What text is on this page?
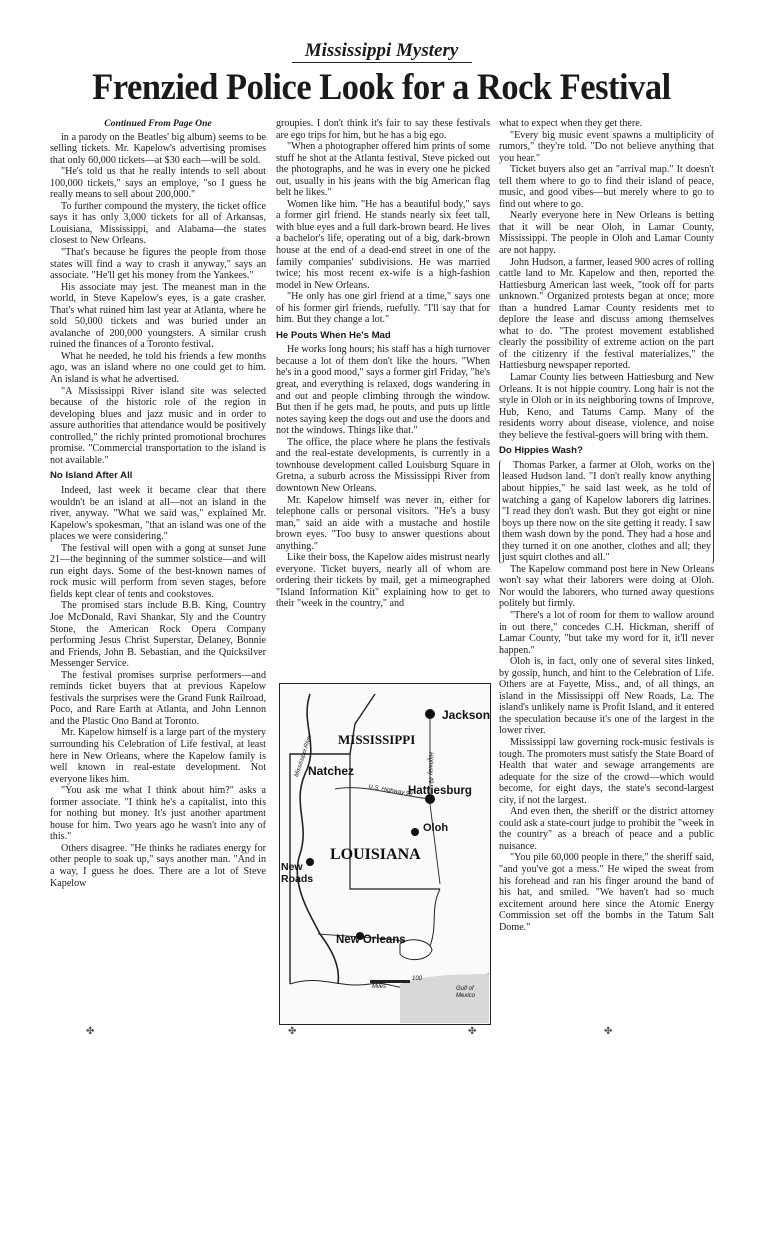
Mississippi Mystery
Frenzied Police Look for a Rock Festival

Continued From Page One

in a parody on the Beatles' big album) seems to be selling tickets. Mr. Kapelow's advertising promises that only 60,000 tickets—at $30 each—will be sold.

"He's told us that he really intends to sell about 100,000 tickets," says an employe, "so I guess he really means to sell about 200,000."

To further compound the mystery, the ticket office says it has only 3,000 tickets for all of Arkansas, Louisiana, Mississippi, and Alabama—the states closest to New Orleans.

"That's because he figures the people from those states will find a way to crash it anyway," says an associate. "He'll get his money from the Yankees."

His associate may jest. The meanest man in the world, in Steve Kapelow's eyes, is a gate crasher. That's what ruined him last year at Atlanta, where he sold 50,000 tickets and was buried under an avalanche of 200,000 youngsters. A similar crush ruined the finances of a Toronto festival.

What he needed, he told his friends a few months ago, was an island where no one could get to him. An island is what he advertised.

"A Mississippi River island site was selected because of the historic role of the region in developing blues and jazz music and in order to assure authorities that attendance would be positively controlled," the richly printed promotional brochures promise. "Commercial transportation to the island is not available."

No Island After All

Indeed, last week it became clear that there wouldn't be an island at all—not an island in the river, anyway. "What we said was," explained Mr. Kapelow's spokesman, "that an island was one of the places we were considering."

The festival will open with a gong at sunset June 21—the beginning of the summer solstice—and will run eight days. Some of the best-known names of rock music will perform from seven stages, before fields kept clear of tents and cookstoves.

The promised stars include B.B. King, Country Joe McDonald, Ravi Shankar, Sly and the Country Stone, the American Rock Opera Company performing Jesus Christ Superstar, Delaney, Bonnie and Friends, John B. Sebastian, and the Quicksilver Messenger Service.

The festival promises surprise performers—and reminds ticket buyers that at previous Kapelow festivals the surprises were the Grand Funk Railroad, Poco, and Rare Earth at Atlanta, and John Lennon and the Plastic Ono Band at Toronto.

Mr. Kapelow himself is a large part of the mystery surrounding his Celebration of Life festival, at least here in New Orleans, where the Kapelow family is well known in real-estate development. Not everyone likes him.

"You ask me what I think about him?" asks a former associate. "I think he's a capitalist, into this for nothing but money. It's just another apartment house for him. Two years ago he wasn't into any of this."

Others disagree. "He thinks he radiates energy for other people to soak up," says another man. "And in a way, I guess he does. There are a lot of Steve Kapelow

groupies. I don't think it's fair to say these festivals are ego trips for him, but he has a big ego.

"When a photographer offered him prints of some stuff he shot at the Atlanta festival, Steve picked out the photographs, and he was in every one he picked out, usually in his jeans with the big American flag belt he likes."

Women like him. "He has a beautiful body," says a former girl friend. He stands nearly six feet tall, with blue eyes and a full dark-brown beard. He lives a bachelor's life, operating out of a big, dark-brown house at the end of a dead-end street in one of the family companies' subdivisions. He was married twice; his most recent ex-wife is a high-fashion model in New Orleans.

"He only has one girl friend at a time," says one of his former girl friends, ruefully. "I'll say that for him. But they change a lot."

He Pouts When He's Mad

He works long hours; his staff has a high turnover because a lot of them don't like the hours. "When he's in a good mood," says a former girl Friday, "he's great, and everything is relaxed, dogs wandering in and out and people climbing through the window. But then if he gets mad, he pouts, and puts up little notes saying keep the dogs out and use the doors and not the windows. Things like that."

The office, the place where he plans the festivals and the real-estate developments, is currently in a townhouse development called Louisburg Square in Gretna, a suburb across the Mississippi River from downtown New Orleans.

Mr. Kapelow himself was never in, either for telephone calls or personal visitors. "He's a busy man," said an aide with a mustache and hostile brown eyes. "Too busy to answer questions about anything."

Like their boss, the Kapelow aides mistrust nearly everyone. Ticket buyers, nearly all of whom are ordering their tickets by mail, get a mimeographed "Island Information Kit" explaining how to get to their "week in the country," and

what to expect when they get there.

"Every big music event spawns a multiplicity of rumors," they're told. "Do not believe anything that you hear."

Ticket buyers also get an "arrival map." It doesn't tell them where to go to find their island of peace, music, and good vibes—but merely where to go to find out where to go.

Nearly everyone here in New Orleans is betting that it will be near Oloh, in Lamar County, Mississippi. The people in Oloh and Lamar County are not happy.

John Hudson, a farmer, leased 900 acres of rolling cattle land to Mr. Kapelow and then, reported the Hattiesburg American last week, "took off for parts unknown." Organized protests began at once; more than a hundred Lamar County residents met to deplore the lease and discuss among themselves what to do. "The protest movement established clearly the possibility of extreme action on the part of the citizenry if the festival materializes," the Hattiesburg newspaper reported.

Lamar County lies between Hattiesburg and New Orleans. It is not hippie country. Long hair is not the style in Oloh or in its neighboring towns of Improve, Hub, Keno, and Tatums Camp. Many of the residents worry about disease, violence, and noise they believe the festival-goers will bring with them.

Do Hippies Wash?

Thomas Parker, a farmer at Oloh, works on the leased Hudson land. "I don't really know anything about hippies," he said last week, as he told of watching a gang of Kapelow laborers dig latrines. "I read they don't wash. But they got eight or nine boys up there now on the site getting it ready. I saw them wash down by the pond. They had a hose and they turned it on one another, clothes and all; they just squirt clothes and all."

The Kapelow command post here in New Orleans won't say what their laborers were doing at Oloh. Nor would the laborers, who turned away questions politely but firmly.

"There's a lot of room for them to wallow around in out there," concedes C.H. Hickman, sheriff of Lamar County, "but take my word for it, it'll never happen."

Oloh is, in fact, only one of several sites linked, by gossip, hunch, and hint to the Celebration of Life. Others are at Fayette, Miss., and, of all things, an island in the Mississippi off New Roads, La. The island's unlikely name is Profit Island, and it entered the speculation because it's one of the largest in the lower river.

Mississippi law governing rock-music festivals is tough. The promoters must satisfy the State Board of Health that water and sewage arrangements are adequate for the size of the crowd—which would become, for eight days, the state's second-largest city, if not the largest.

And even then, the sheriff or the district attorney could ask a state-court judge to prohibit the "week in the country" as a breach of peace and a public nuisance.

"You pile 60,000 people in there," the sheriff said, "and you've got a mess." He wiped the sweat from his forehead and ran his finger around the band of his hat, and smiled. "We haven't had so much excitement around here since the Atomic Energy Commission set off the bombs in the Tatum Salt Dome."

Jackson
MISSISSIPPI
Natchez
Hattiesburg
Oloh
LOUISIANA
New
Roads
New Orleans
Gulf of
Mexico
Mississippi River
U.S. Highway 98
Highway 49
Miles
100
✤	✤	✤	✤
